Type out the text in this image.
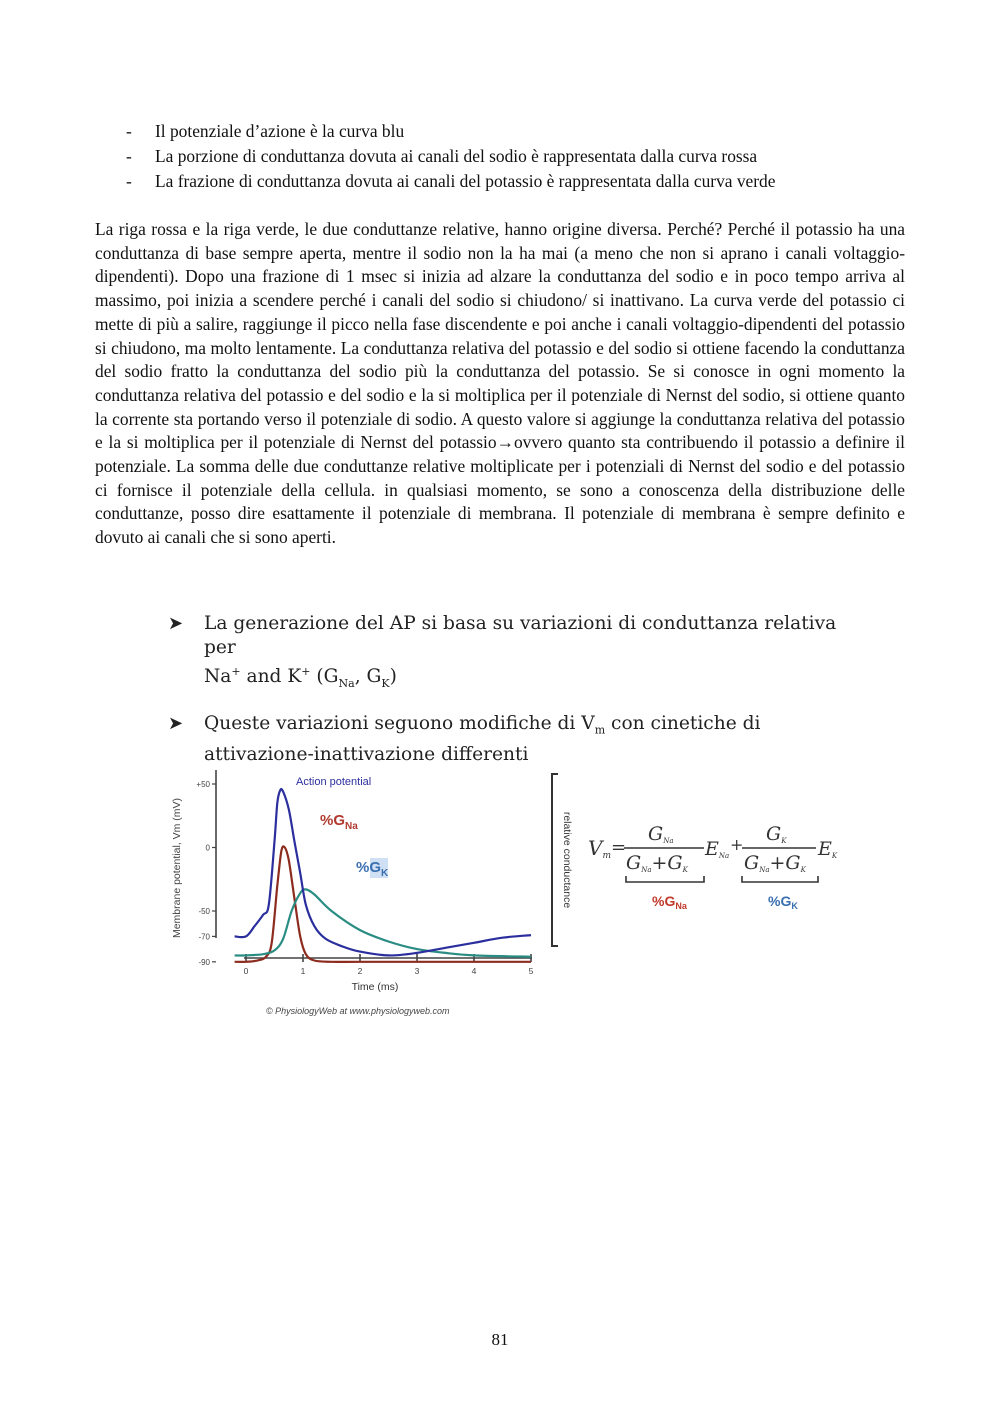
- Il potenziale d’azione è la curva blu
- La porzione di conduttanza dovuta ai canali del sodio è rappresentata dalla curva rossa
- La frazione di conduttanza dovuta ai canali del potassio è rappresentata dalla curva verde

La riga rossa e la riga verde, le due conduttanze relative, hanno origine diversa. Perché? Perché il potassio ha una conduttanza di base sempre aperta, mentre il sodio non la ha mai (a meno che non si aprano i canali voltaggio-dipendenti). Dopo una frazione di 1 msec si inizia ad alzare la conduttanza del sodio e in poco tempo arriva al massimo, poi inizia a scendere perché i canali del sodio si chiudono/ si inattivano. La curva verde del potassio ci mette di più a salire, raggiunge il picco nella fase discendente e poi anche i canali voltaggio-dipendenti del potassio si chiudono, ma molto lentamente. La conduttanza relativa del potassio e del sodio si ottiene facendo la conduttanza del sodio fratto la conduttanza del sodio più la conduttanza del potassio. Se si conosce in ogni momento la conduttanza relativa del potassio e del sodio e la si moltiplica per il potenziale di Nernst del sodio, si ottiene quanto la corrente sta portando verso il potenziale di sodio. A questo valore si aggiunge la conduttanza relativa del potassio e la si moltiplica per il potenziale di Nernst del potassio→ovvero quanto sta contribuendo il potassio a definire il potenziale. La somma delle due conduttanze relative moltiplicate per i potenziali di Nernst del sodio e del potassio ci fornisce il potenziale della cellula. in qualsiasi momento, se sono a conoscenza della distribuzione delle conduttanze, posso dire esattamente il potenziale di membrana. Il potenziale di membrana è sempre definito e dovuto ai canali che si sono aperti.

➤ La generazione del AP si basa su variazioni di conduttanza relativa per
Na+ and K+ ($G_{Na}$, $G_K$)
➤ Queste variazioni seguono modifiche di $V_m$ con cinetiche di attivazione-inattivazione differenti
Membrane potential, Vm (mV)
+50
0
-50
-70
-90
0	1	2	3	4	5
Time (ms)
Action potential
$\%G_{Na}$
$\%G_K$	relative conductance Vm =
GNa
GNa+GK
ENa
+ GK
GNa+GK
EK
$\%G_{Na}$	$\%G_K$
© PhysiologyWeb at www.physiologyweb.com
81
